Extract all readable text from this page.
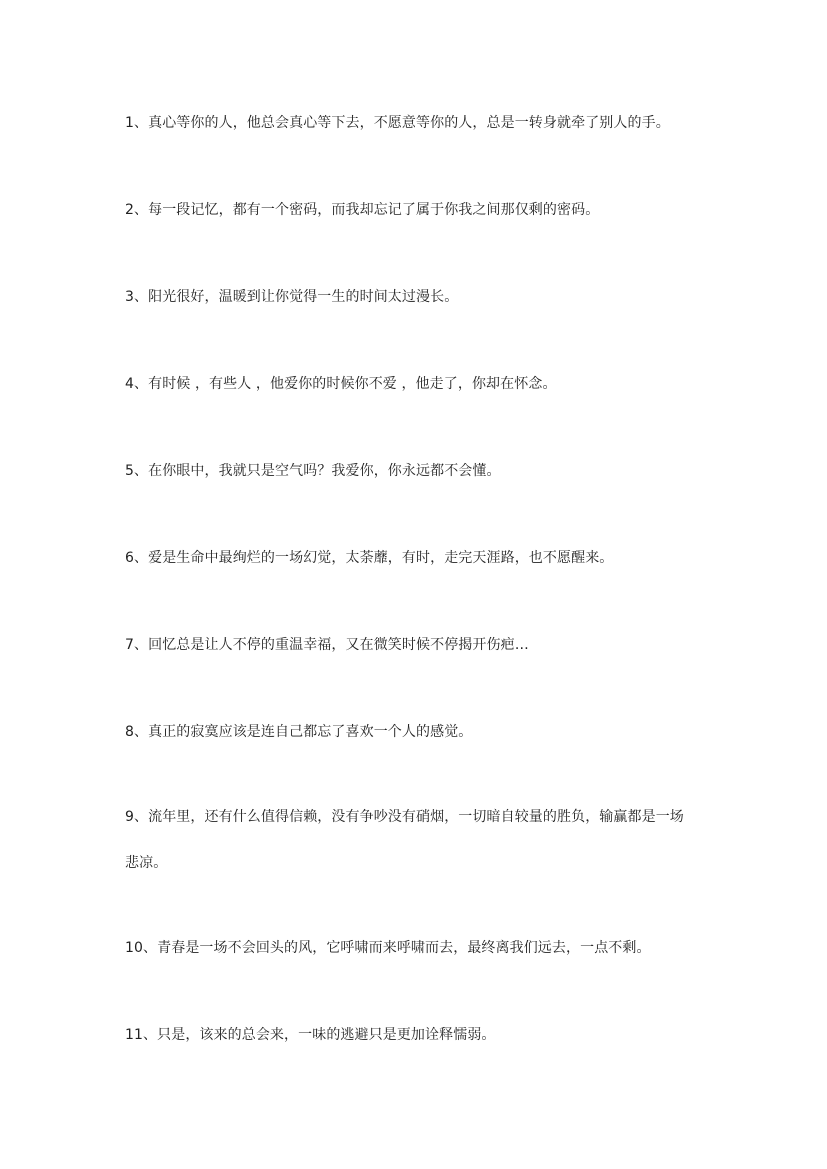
1、真心等你的人，他总会真心等下去，不愿意等你的人，总是一转身就牵了别人的手。
2、每一段记忆，都有一个密码，而我却忘记了属于你我之间那仅剩的密码。
3、阳光很好，温暖到让你觉得一生的时间太过漫长。
4、有时候 ，有些人 ，他爱你的时候你不爱 ，他走了，你却在怀念。
5、在你眼中，我就只是空气吗？我爱你，你永远都不会懂。
6、爱是生命中最绚烂的一场幻觉，太荼蘼，有时，走完天涯路，也不愿醒来。
7、回忆总是让人不停的重温幸福，又在微笑时候不停揭开伤疤…
8、真正的寂寞应该是连自己都忘了喜欢一个人的感觉。
9、流年里，还有什么值得信赖，没有争吵没有硝烟，一切暗自较量的胜负，输赢都是一场
悲凉。
10、青春是一场不会回头的风，它呼啸而来呼啸而去，最终离我们远去，一点不剩。
11、只是，该来的总会来，一味的逃避只是更加诠释懦弱。
